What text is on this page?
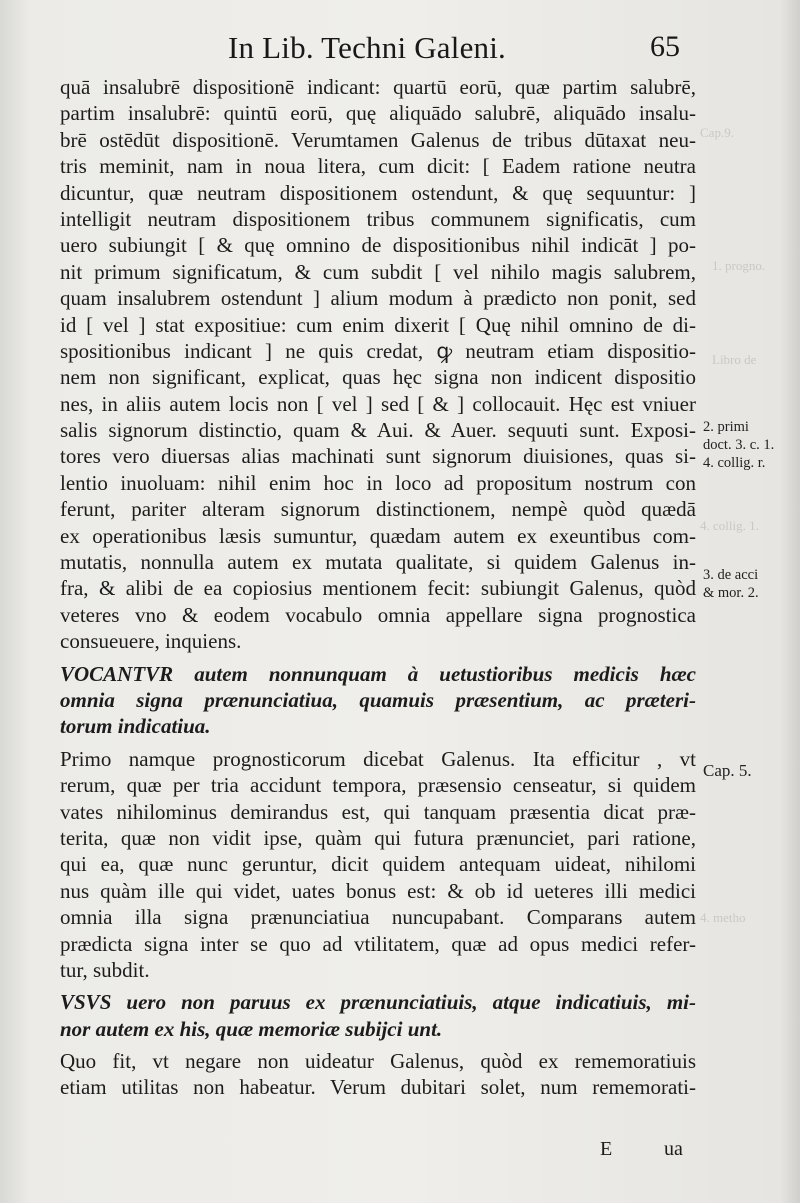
In Lib. Techni Galeni.	65
Cap.9.
1. progno.
Libro de
4. collig. 1.
4. metho
quā insalubrē dispositionē indicant: quartū eorū, quæ partim salubrē,
partim insalubrē: quintū eorū, quę aliquādo salubrē, aliquādo insalu-
brē ostēdūt dispositionē. Verumtamen Galenus de tribus dūtaxat neu-
tris meminit, nam in noua litera, cum dicit: [ Eadem ratione neutra
dicuntur, quæ neutram dispositionem ostendunt, & quę sequuntur: ]
intelligit neutram dispositionem tribus communem significatis, cum
uero subiungit [ & quę omnino de dispositionibus nihil indicāt ] po-
nit primum significatum, & cum subdit [ vel nihilo magis salubrem,
quam insalubrem ostendunt ] alium modum à prædicto non ponit, sed
id [ vel ] stat expositiue: cum enim dixerit [ Quę nihil omnino de di-
spositionibus indicant ] ne quis credat, ꝙ neutram etiam dispositio-
nem non significant, explicat, quas hęc signa non indicent dispositio
nes, in aliis autem locis non [ vel ] sed [ & ] collocauit. Hęc est vniuer
salis signorum distinctio, quam & Aui. & Auer. sequuti sunt. Exposi-
tores vero diuersas alias machinati sunt signorum diuisiones, quas si-
lentio inuoluam: nihil enim hoc in loco ad propositum nostrum con
ferunt, pariter alteram signorum distinctionem, nempè quòd quædā
ex operationibus læsis sumuntur, quædam autem ex exeuntibus com-
mutatis, nonnulla autem ex mutata qualitate, si quidem Galenus in-
fra, & alibi de ea copiosius mentionem fecit: subiungit Galenus, quòd
veteres vno & eodem vocabulo omnia appellare signa prognostica
consueuere, inquiens.
VOCANTVR autem nonnunquam à uetustioribus medicis hæc
omnia signa prænunciatiua, quamuis præsentium, ac præteri-
torum indicatiua.
Primo namque prognosticorum dicebat Galenus. Ita efficitur , vt
rerum, quæ per tria accidunt tempora, præsensio censeatur, si quidem
vates nihilominus demirandus est, qui tanquam præsentia dicat præ-
terita, quæ non vidit ipse, quàm qui futura prænunciet, pari ratione,
qui ea, quæ nunc geruntur, dicit quidem antequam uideat, nihilomi
nus quàm ille qui videt, uates bonus est: & ob id ueteres illi medici
omnia illa signa prænunciatiua nuncupabant. Comparans autem
prædicta signa inter se quo ad vtilitatem, quæ ad opus medici refer-
tur, subdit.
VSVS uero non paruus ex prænunciatiuis, atque indicatiuis, mi-
nor autem ex his, quæ memoriæ subijci unt.
Quo fit, vt negare non uideatur Galenus, quòd ex rememoratiuis
etiam utilitas non habeatur. Verum dubitari solet, num rememorati-
2. primi
doct. 3. c. 1.
4. collig. r.
3. de acci
& mor. 2.
Cap. 5.
E	ua
